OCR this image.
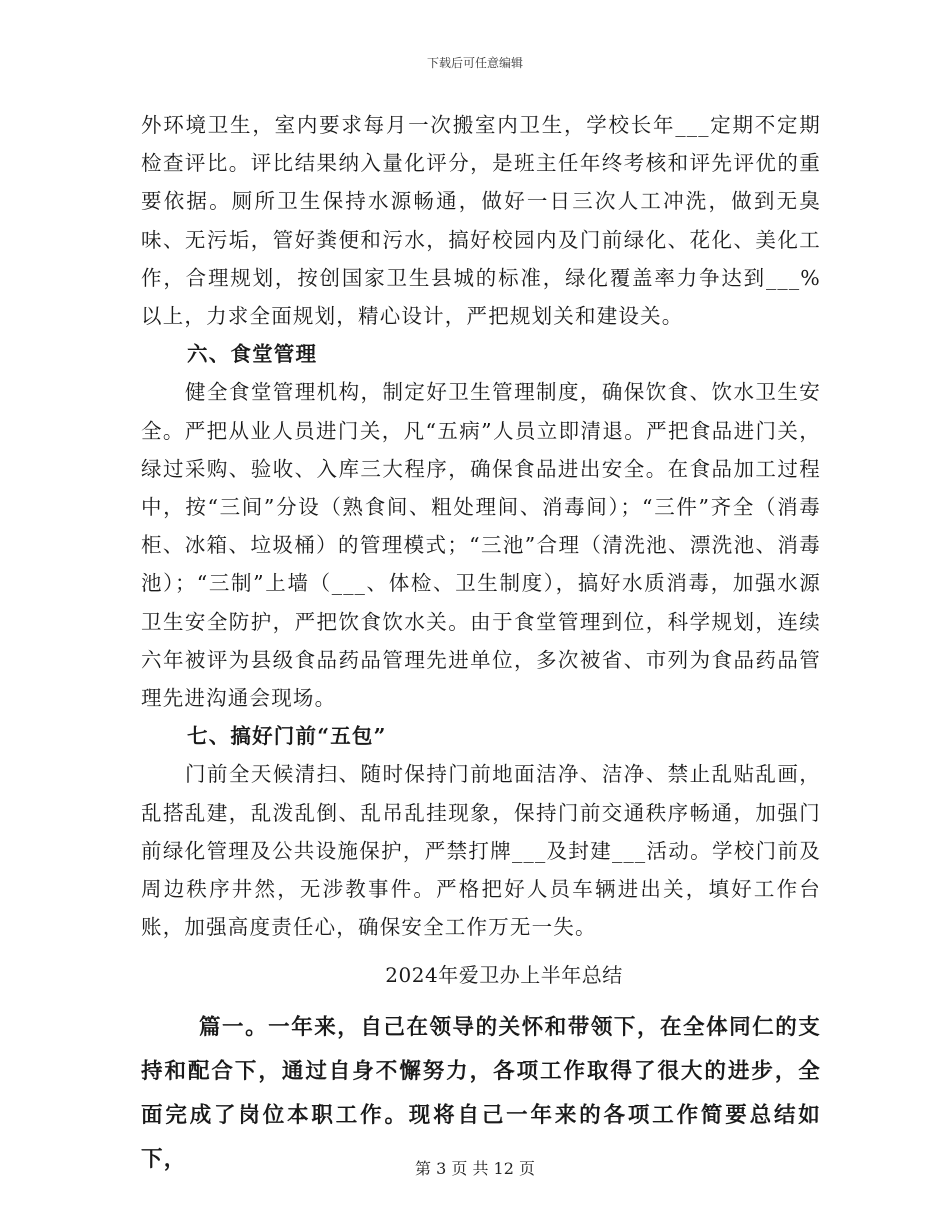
下载后可任意编辑

外环境卫生，室内要求每月一次搬室内卫生，学校长年___定期不定期检查评比。评比结果纳入量化评分，是班主任年终考核和评先评优的重要依据。厕所卫生保持水源畅通，做好一日三次人工冲洗，做到无臭味、无污垢，管好粪便和污水，搞好校园内及门前绿化、花化、美化工作，合理规划，按创国家卫生县城的标准，绿化覆盖率力争达到___%以上，力求全面规划，精心设计，严把规划关和建设关。

六、食堂管理

健全食堂管理机构，制定好卫生管理制度，确保饮食、饮水卫生安全。严把从业人员进门关，凡“五病”人员立即清退。严把食品进门关，绿过采购、验收、入库三大程序，确保食品进出安全。在食品加工过程中，按“三间”分设（熟食间、粗处理间、消毒间）；“三件”齐全（消毒柜、冰箱、垃圾桶）的管理模式；“三池”合理（清洗池、漂洗池、消毒池）；“三制”上墙（___、体检、卫生制度），搞好水质消毒，加强水源卫生安全防护，严把饮食饮水关。由于食堂管理到位，科学规划，连续六年被评为县级食品药品管理先进单位，多次被省、市列为食品药品管理先进沟通会现场。

七、搞好门前“五包”

门前全天候清扫、随时保持门前地面洁净、洁净、禁止乱贴乱画，乱搭乱建，乱泼乱倒、乱吊乱挂现象，保持门前交通秩序畅通，加强门前绿化管理及公共设施保护，严禁打牌___及封建___活动。学校门前及周边秩序井然，无涉教事件。严格把好人员车辆进出关，填好工作台账，加强高度责任心，确保安全工作万无一失。

2024年爱卫办上半年总结

篇一。一年来，自己在领导的关怀和带领下，在全体同仁的支持和配合下，通过自身不懈努力，各项工作取得了很大的进步，全面完成了岗位本职工作。现将自己一年来的各项工作简要总结如下，	第 3 页 共 12 页
